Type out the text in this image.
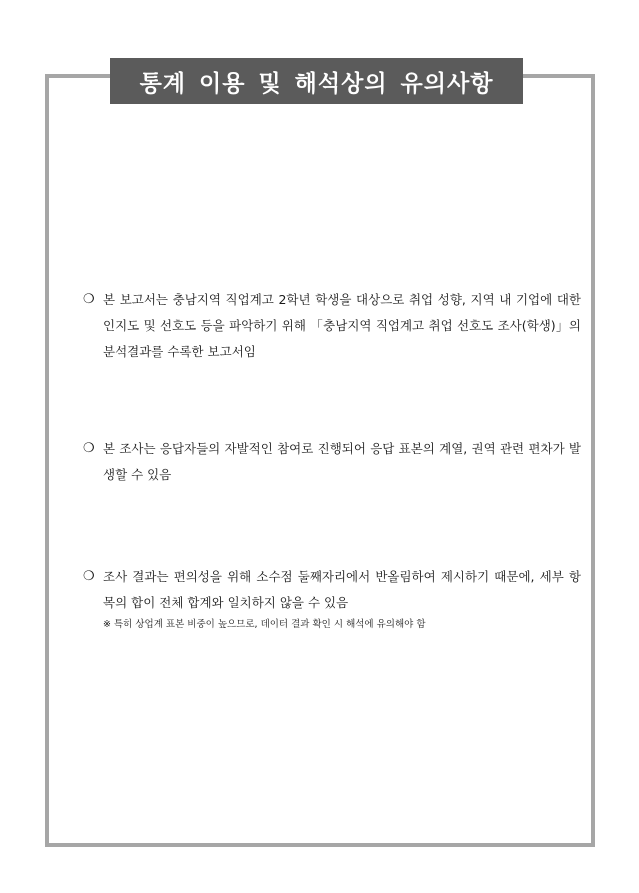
통계 이용 및 해석상의 유의사항
❍ 본 보고서는 충남지역 직업계고 2학년 학생을 대상으로 취업 성향, 지역 내 기업에 대한 인지도 및 선호도 등을 파악하기 위해 「충남지역 직업계고 취업 선호도 조사(학생)」의 분석결과를 수록한 보고서임
❍ 본 조사는 응답자들의 자발적인 참여로 진행되어 응답 표본의 계열, 권역 관련 편차가 발생할 수 있음
❍ 조사 결과는 편의성을 위해 소수점 둘째자리에서 반올림하여 제시하기 때문에, 세부 항목의 합이 전체 합계와 일치하지 않을 수 있음
※ 특히 상업계 표본 비중이 높으므로, 데이터 결과 확인 시 해석에 유의해야 함
